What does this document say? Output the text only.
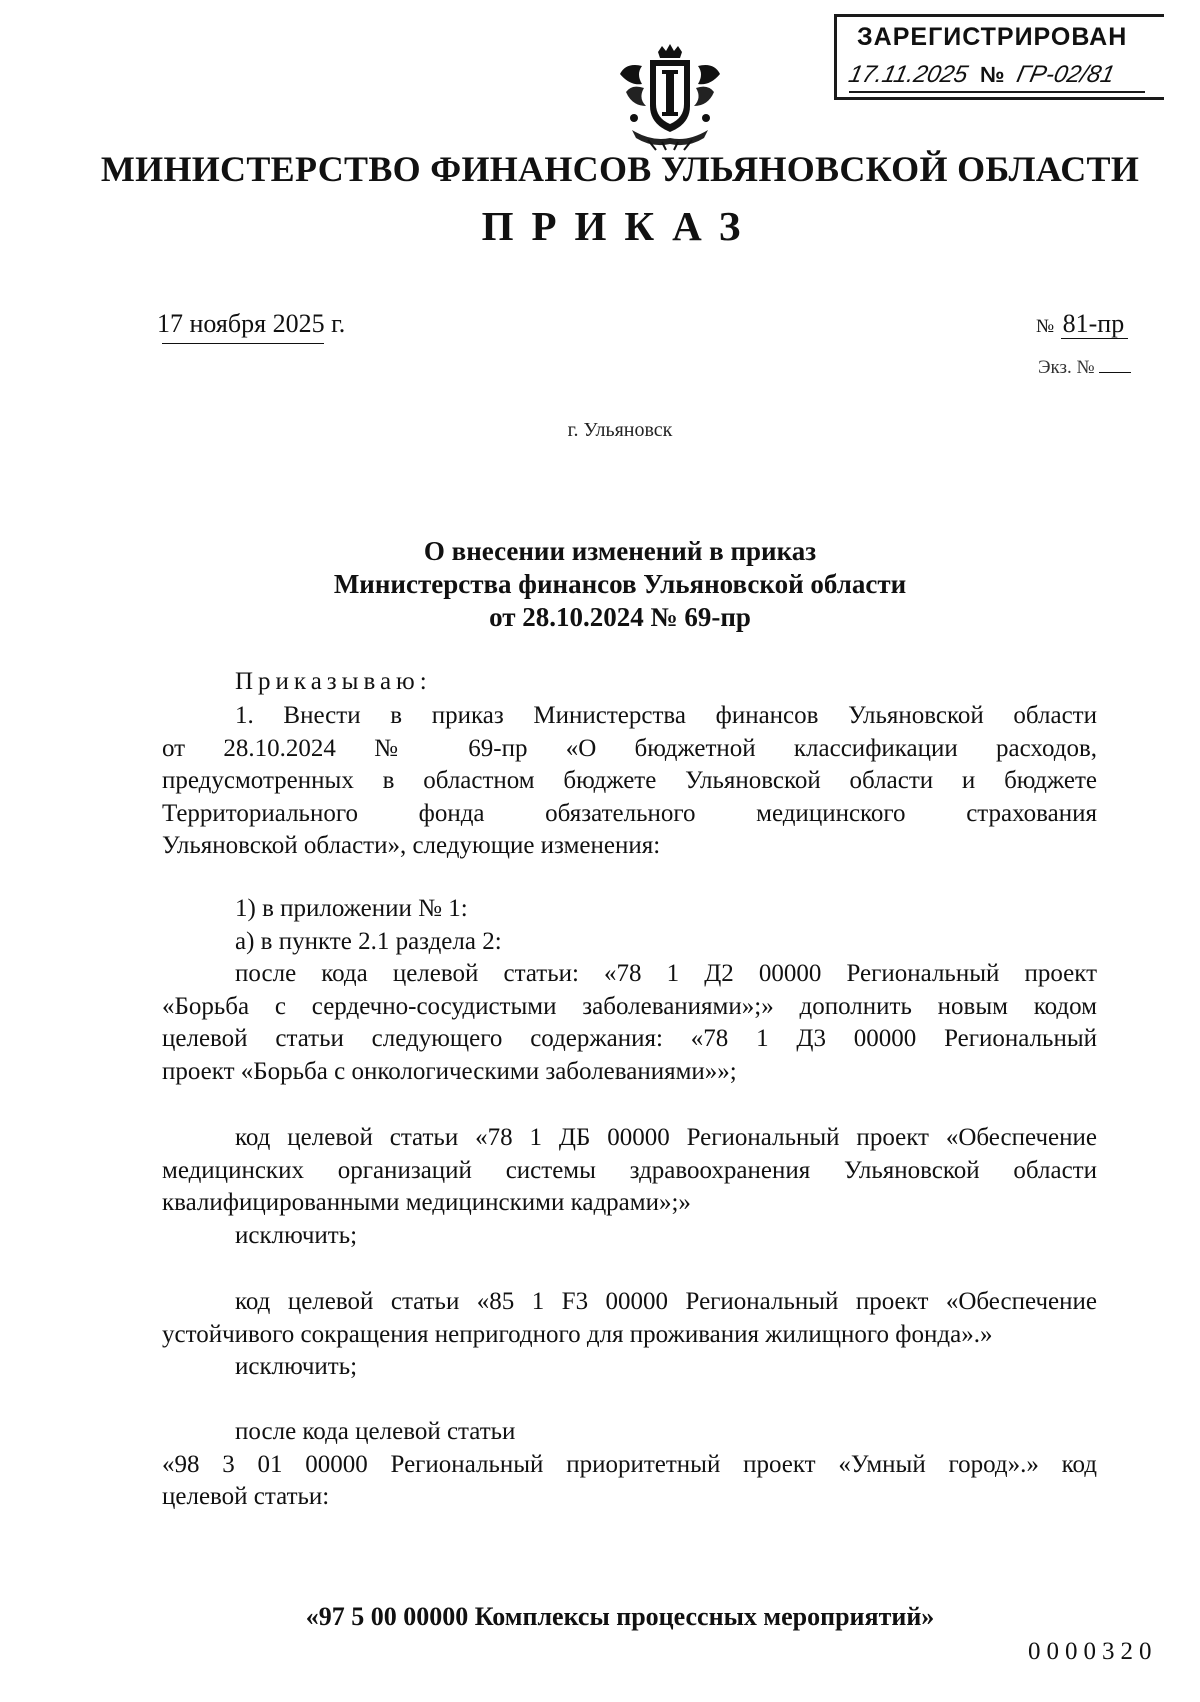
ЗАРЕГИСТРИРОВАН
17.11.2025 № ГР-02/81
МИНИСТЕРСТВО ФИНАНСОВ УЛЬЯНОВСКОЙ ОБЛАСТИ
ПРИКАЗ
17 ноября 2025 г.	№ 81-пр
Экз. №
г. Ульяновск
О внесении изменений в приказ
Министерства финансов Ульяновской области
от 28.10.2024 № 69-пр
Приказываю:
1. Внести в приказ Министерства финансов Ульяновской области
от 28.10.2024 № 69-пр «О бюджетной классификации расходов,
предусмотренных в областном бюджете Ульяновской области и бюджете
Территориального фонда обязательного медицинского страхования
Ульяновской области», следующие изменения:
1) в приложении № 1:
а) в пункте 2.1 раздела 2:
после кода целевой статьи: «78 1 Д2 00000 Региональный проект
«Борьба с сердечно-сосудистыми заболеваниями»;» дополнить новым кодом
целевой статьи следующего содержания: «78 1 Д3 00000 Региональный
проект «Борьба с онкологическими заболеваниями»»;
код целевой статьи «78 1 ДБ 00000 Региональный проект «Обеспечение
медицинских организаций системы здравоохранения Ульяновской области
квалифицированными медицинскими кадрами»;»
исключить;
код целевой статьи «85 1 F3 00000 Региональный проект «Обеспечение
устойчивого сокращения непригодного для проживания жилищного фонда».»
исключить;
после кода целевой статьи
«98 3 01 00000 Региональный приоритетный проект «Умный город».» код
целевой статьи:
«97 5 00 00000 Комплексы процессных мероприятий»
0000320
